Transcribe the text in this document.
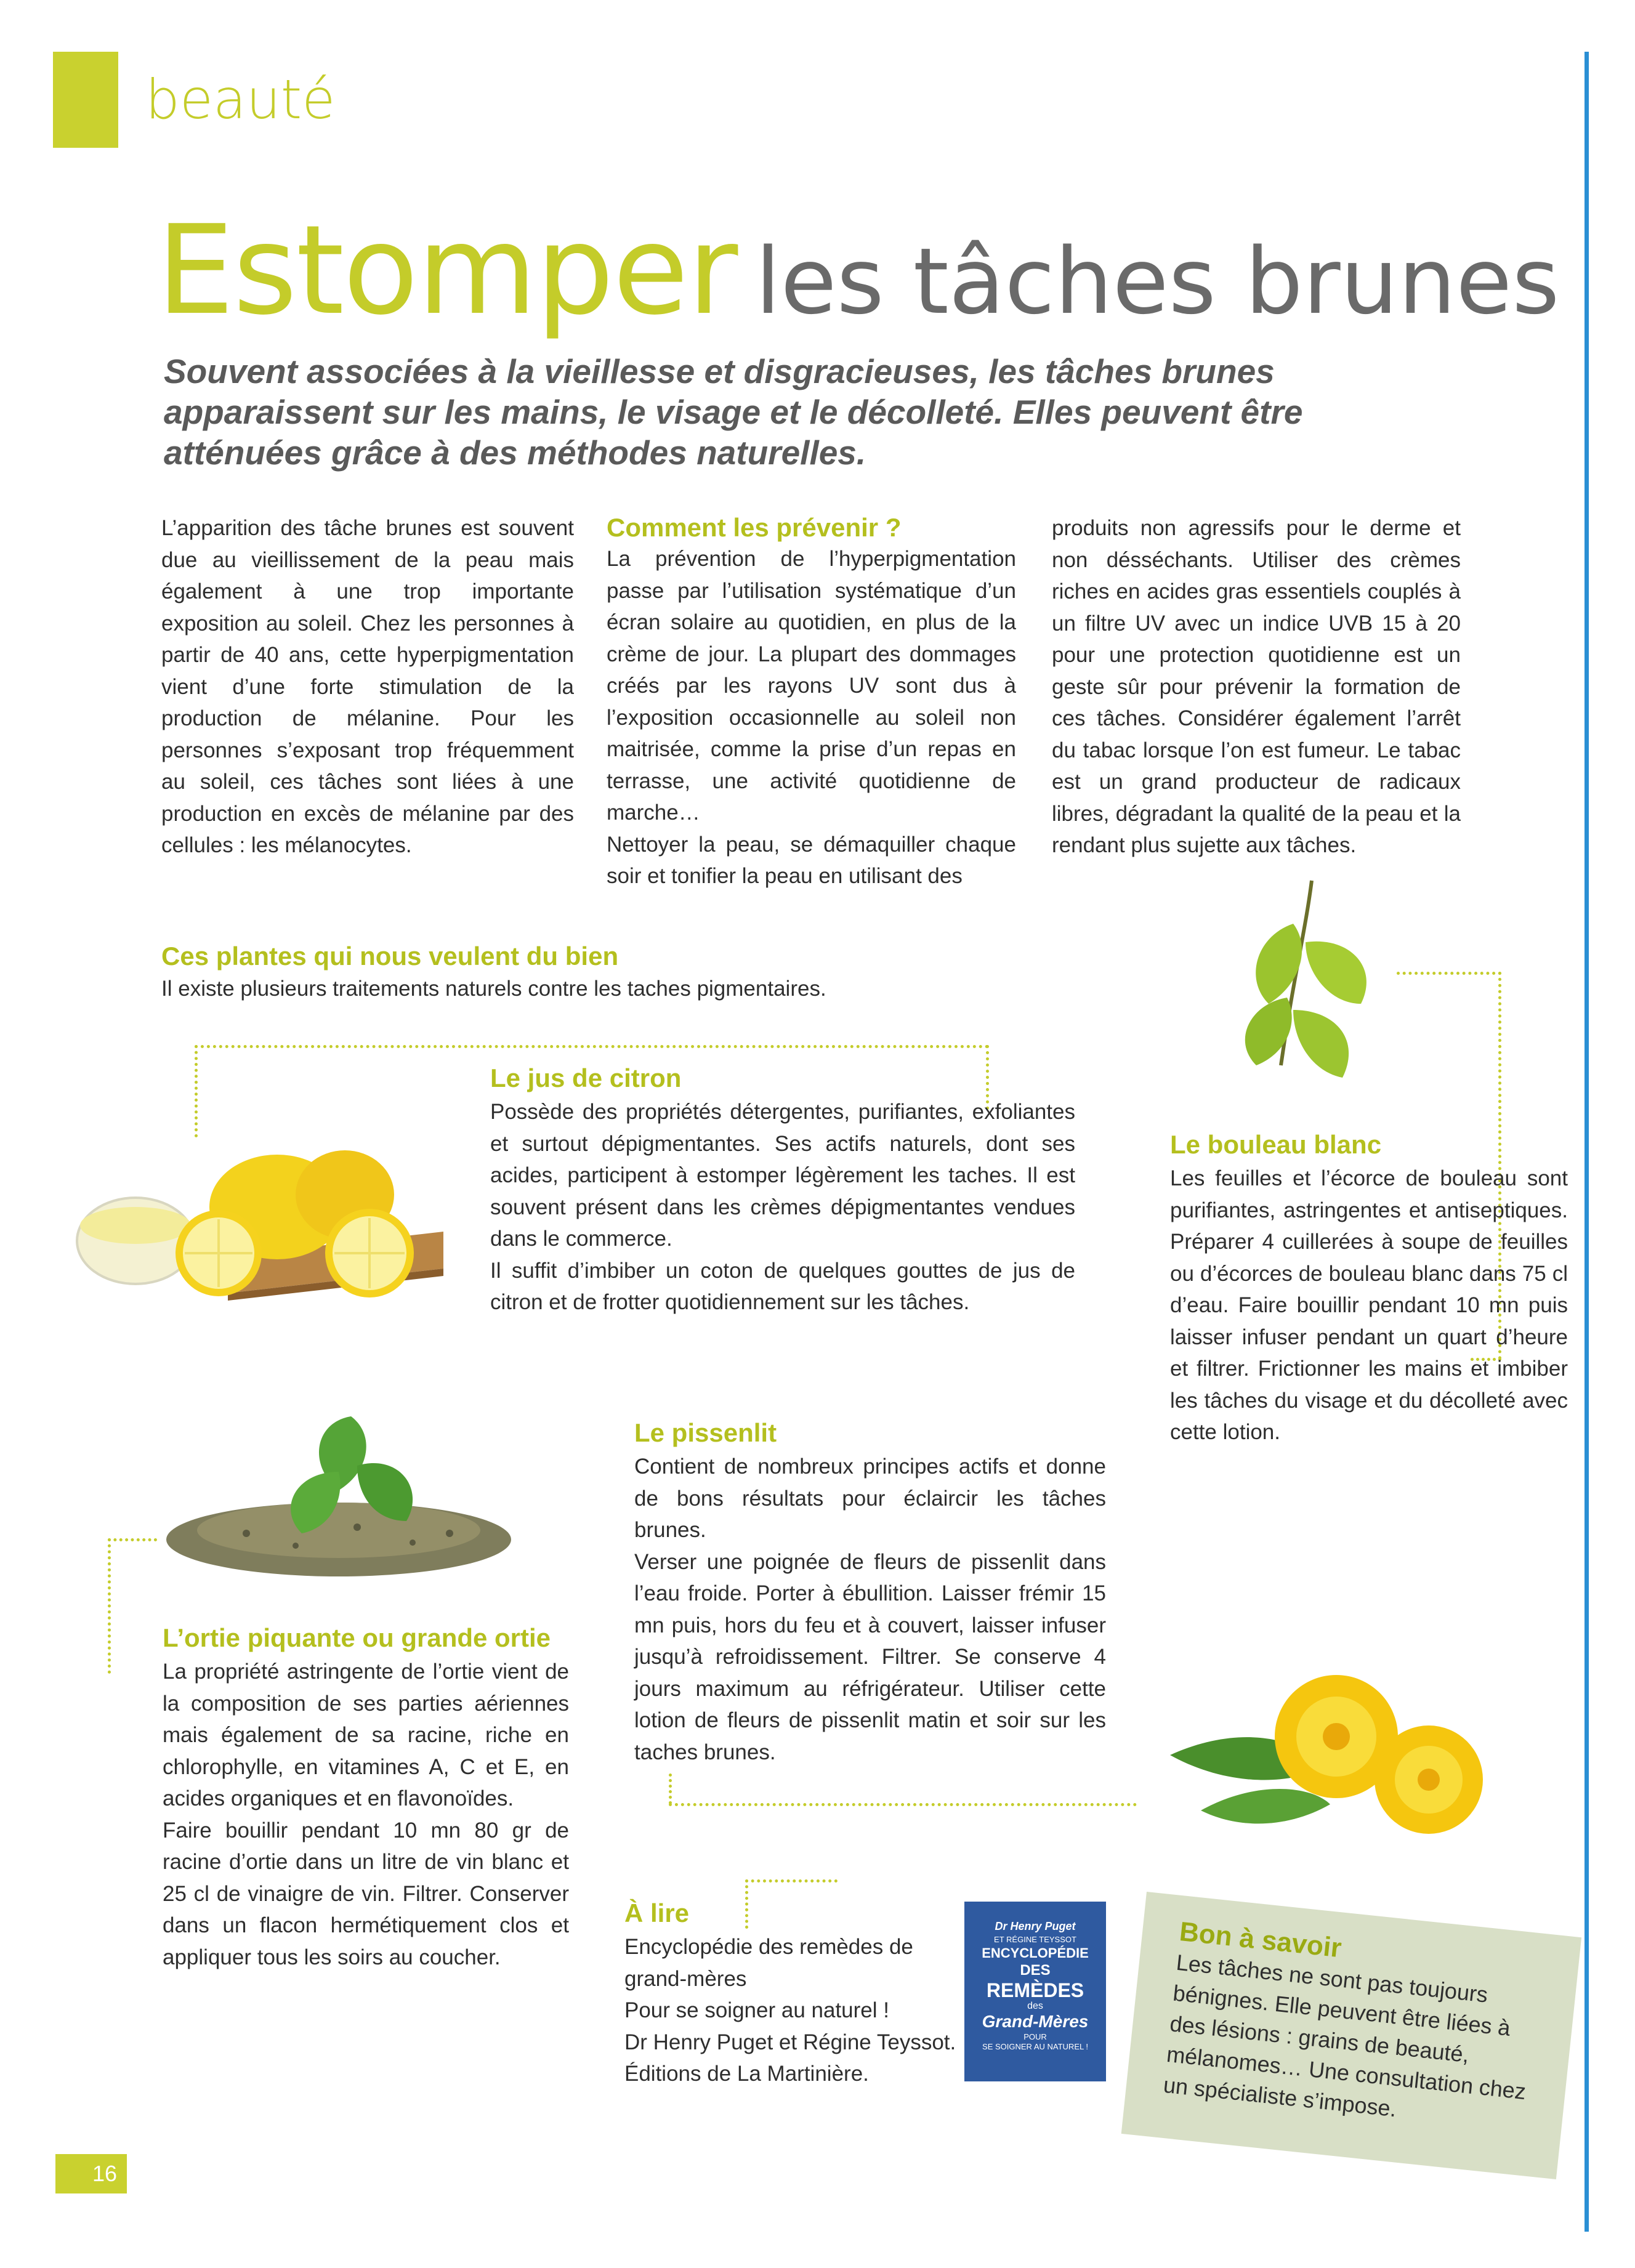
beauté
Estomper les tâches brunes
Souvent associées à la vieillesse et disgracieuses, les tâches brunes apparaissent sur les mains, le visage et le décolleté. Elles peuvent être atténuées grâce à des méthodes naturelles.

L’apparition des tâche brunes est souvent due au vieillissement de la peau mais également à une trop importante exposition au soleil. Chez les personnes à partir de 40 ans, cette hyperpigmentation vient d’une forte stimulation de la production de mélanine. Pour les personnes s’exposant trop fréquemment au soleil, ces tâches sont liées à une production en excès de mélanine par des cellules : les mélanocytes.

Comment les prévenir ?

La prévention de l’hyperpigmentation passe par l’utilisation systématique d’un écran solaire au quotidien, en plus de la crème de jour. La plupart des dommages créés par les rayons UV sont dus à l’exposition occasionnelle au soleil non maitrisée, comme la prise d’un repas en terrasse, une activité quotidienne de marche…

Nettoyer la peau, se démaquiller chaque soir et tonifier la peau en utilisant des

produits non agressifs pour le derme et non désséchants. Utiliser des crèmes riches en acides gras essentiels couplés à un filtre UV avec un indice UVB 15 à 20 pour une protection quotidienne est un geste sûr pour prévenir la formation de ces tâches. Considérer également l’arrêt du tabac lorsque l’on est fumeur. Le tabac est un grand producteur de radicaux libres, dégradant la qualité de la peau et la rendant plus sujette aux tâches.

Ces plantes qui nous veulent du bien
Il existe plusieurs traitements naturels contre les taches pigmentaires.
Le jus de citron

Possède des propriétés détergentes, purifiantes, exfoliantes et surtout dépigmentantes. Ses actifs naturels, dont ses acides, participent à estomper légèrement les taches. Il est souvent présent dans les crèmes dépigmentantes vendues dans le commerce.

Il suffit d’imbiber un coton de quelques gouttes de jus de citron et de frotter quotidiennement sur les tâches.

Le bouleau blanc

Les feuilles et l’écorce de bouleau sont purifiantes, astringentes et antiseptiques. Préparer 4 cuillerées à soupe de feuilles ou d’écorces de bouleau blanc dans 75 cl d’eau. Faire bouillir pendant 10 mn puis laisser infuser pendant un quart d’heure et filtrer. Frictionner les mains et imbiber les tâches du visage et du décolleté avec cette lotion.

L’ortie piquante ou grande ortie

La propriété astringente de l’ortie vient de la composition de ses parties aériennes mais également de sa racine, riche en chlorophylle, en vitamines A, C et E, en acides organiques et en flavonoïdes.

Faire bouillir pendant 10 mn 80 gr de racine d’ortie dans un litre de vin blanc et 25 cl de vinaigre de vin. Filtrer. Conserver dans un flacon hermétiquement clos et appliquer tous les soirs au coucher.

Le pissenlit

Contient de nombreux principes actifs et donne de bons résultats pour éclaircir les tâches brunes.

Verser une poignée de fleurs de pissenlit dans l’eau froide. Porter à ébullition. Laisser frémir 15 mn puis, hors du feu et à couvert, laisser infuser jusqu’à refroidissement. Filtrer. Se conserve 4 jours maximum au réfrigérateur. Utiliser cette lotion de fleurs de pissenlit matin et soir sur les taches brunes.

À lire

Encyclopédie des remèdes de grand-mères

Pour se soigner au naturel !

Dr Henry Puget et Régine Teyssot.

Éditions de La Martinière.

Dr Henry Puget
ET RÉGINE TEYSSOT
ENCYCLOPÉDIE
DES
REMÈDES
des
Grand-Mères
POUR
SE SOIGNER AU NATUREL !
Bon à savoir
Les tâches ne sont pas toujours bénignes. Elle peuvent être liées à des lésions : grains de beauté, mélanomes… Une consultation chez un spécialiste s’impose.
16
